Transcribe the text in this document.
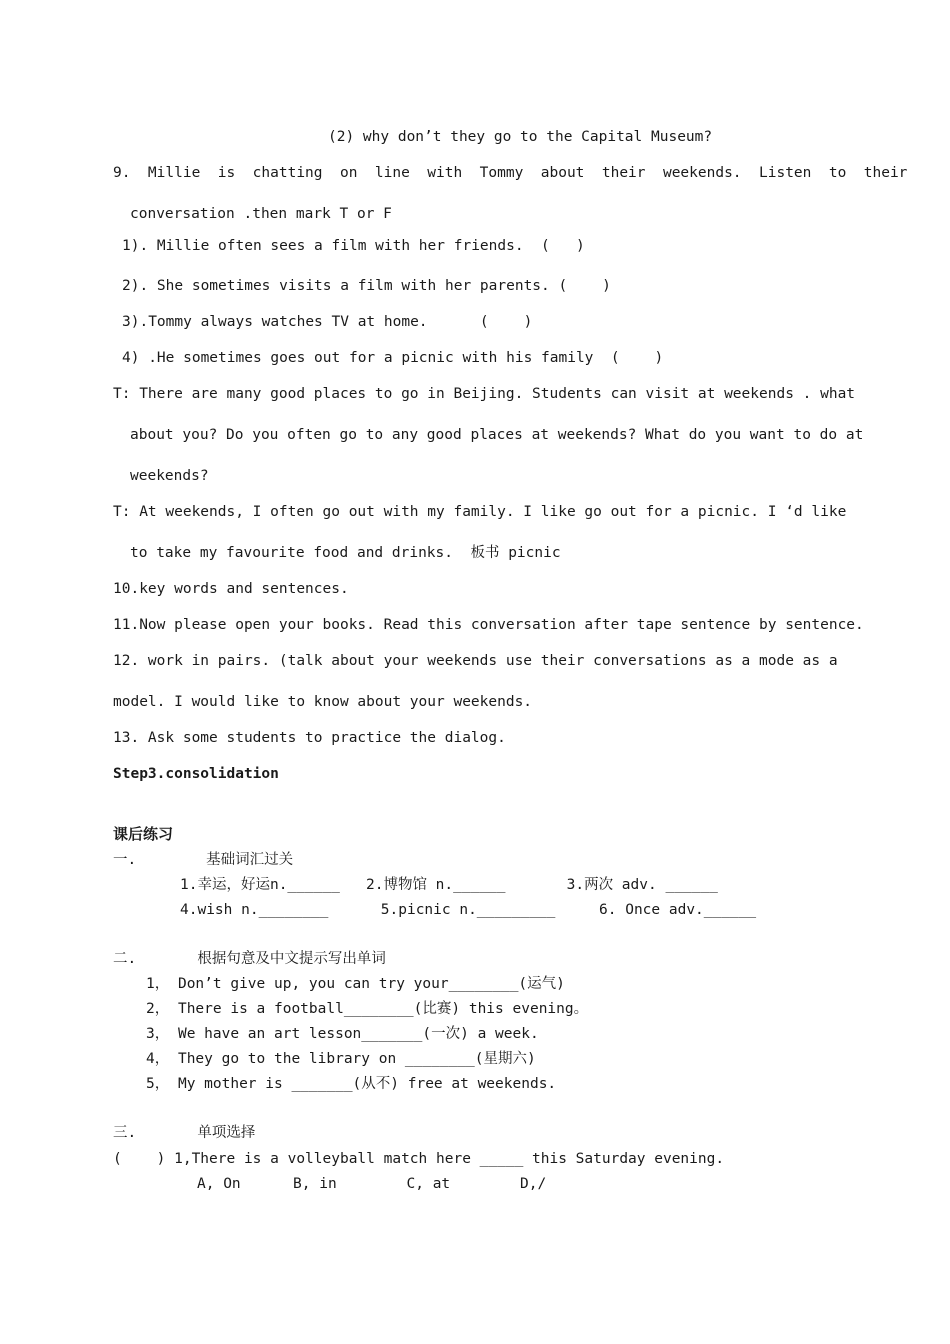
(2) why don’t they go to the Capital Museum?
9.  Millie  is  chatting  on  line  with  Tommy  about  their  weekends.  Listen  to  their
conversation .then mark T or F
1). Millie often sees a film with her friends.  (   )
2). She sometimes visits a film with her parents. (    )
3).Tommy always watches TV at home.      (    )
4) .He sometimes goes out for a picnic with his family  (    )
T: There are many good places to go in Beijing. Students can visit at weekends . what
about you? Do you often go to any good places at weekends? What do you want to do at
weekends?
T: At weekends, I often go out with my family. I like go out for a picnic. I ‘d like
to take my favourite food and drinks.  板书 picnic
10.key words and sentences.
11.Now please open your books. Read this conversation after tape sentence by sentence.
12. work in pairs. (talk about your weekends use their conversations as a mode as a
model. I would like to know about your weekends.
13. Ask some students to practice the dialog.
Step3.consolidation
课后练习
一.        基础词汇过关
1.幸运，好运n.______   2.博物馆 n.______       3.两次 adv. ______
4.wish n.________      5.picnic n._________     6. Once adv.______
二.       根据句意及中文提示写出单词
1， Don’t give up, you can try your________(运气)
2， There is a football________(比赛) this evening。
3， We have an art lesson_______(一次) a week.
4， They go to the library on ________(星期六)
5， My mother is _______(从不) free at weekends.
三.       单项选择
(    ) 1,There is a volleyball match here _____ this Saturday evening.
A, On      B, in        C, at        D,/
